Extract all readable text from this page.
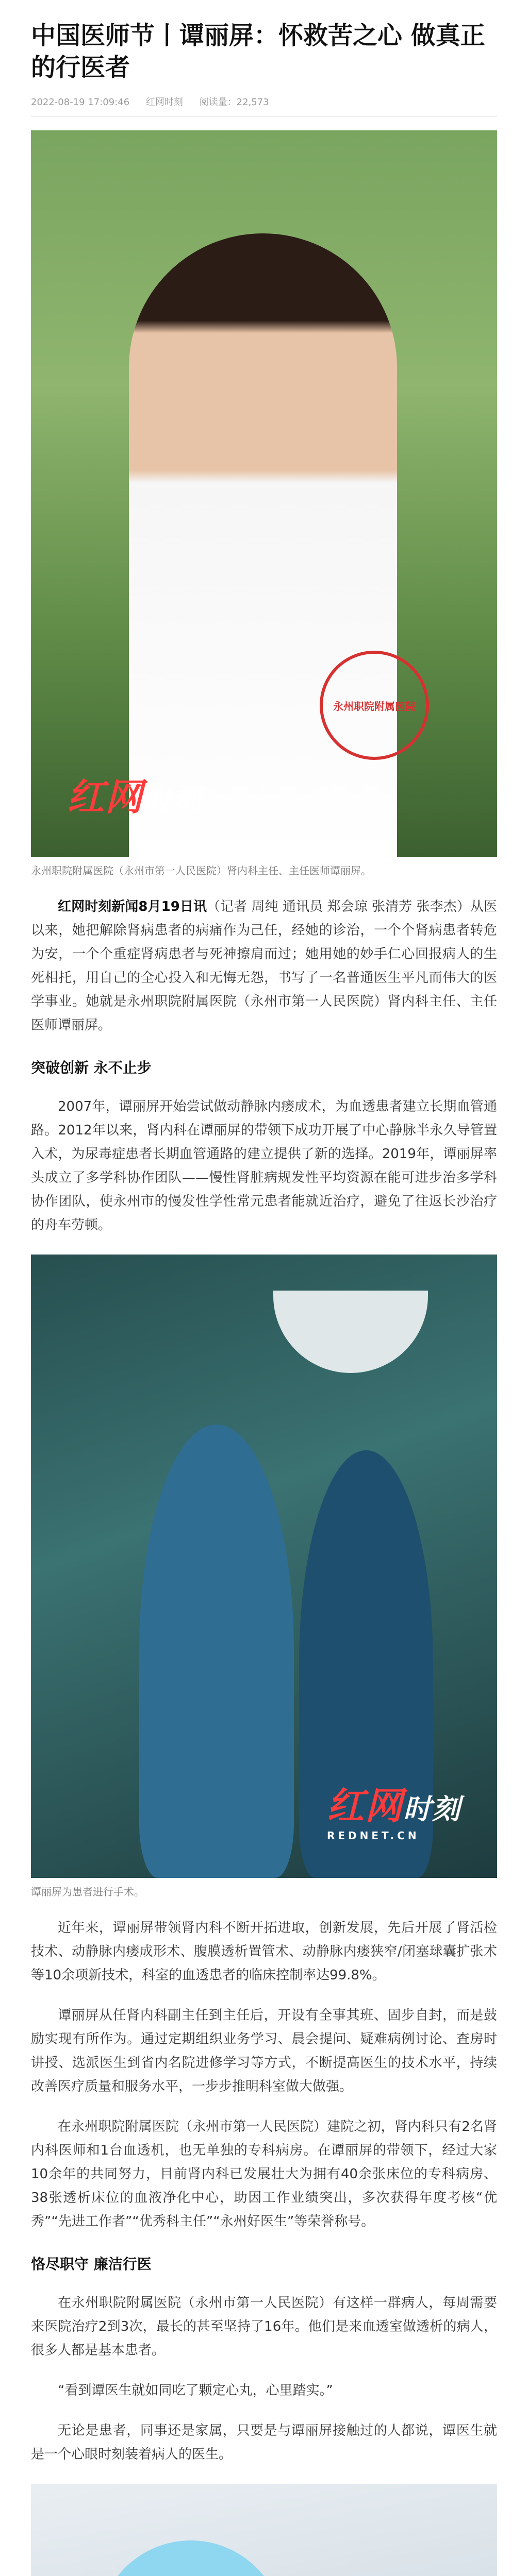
中国医师节丨谭丽屏：怀救苦之心 做真正的行医者
2022-08-19 17:09:46 红网时刻 阅读量：22,573
永州职院附属医院
红网时刻
永州职院附属医院（永州市第一人民医院）肾内科主任、主任医师谭丽屏。

红网时刻新闻8月19日讯（记者 周纯 通讯员 郑会琼 张清芳 张李杰）从医以来，她把解除肾病患者的病痛作为己任，经她的诊治，一个个肾病患者转危为安，一个个重症肾病患者与死神擦肩而过；她用她的妙手仁心回报病人的生死相托，用自己的全心投入和无悔无怨，书写了一名普通医生平凡而伟大的医学事业。她就是永州职院附属医院（永州市第一人民医院）肾内科主任、主任医师谭丽屏。

突破创新 永不止步

2007年，谭丽屏开始尝试做动静脉内瘘成术，为血透患者建立长期血管通路。2012年以来，肾内科在谭丽屏的带领下成功开展了中心静脉半永久导管置入术，为尿毒症患者长期血管通路的建立提供了新的选择。2019年，谭丽屏率头成立了多学科协作团队——慢性肾脏病规发性平均资源在能可进步治多学科协作团队，使永州市的慢发性学性常元患者能就近治疗，避免了往返长沙治疗的舟车劳顿。

红网时刻
REDNET.CN
谭丽屏为患者进行手术。

近年来，谭丽屏带领肾内科不断开拓进取，创新发展，先后开展了肾活检技术、动静脉内瘘成形术、腹膜透析置管术、动静脉内瘘狭窄/闭塞球囊扩张术等10余项新技术，科室的血透患者的临床控制率达99.8%。

谭丽屏从任肾内科副主任到主任后，开设有全事其班、固步自封，而是鼓励实现有所作为。通过定期组织业务学习、晨会提问、疑难病例讨论、查房时讲授、选派医生到省内名院进修学习等方式，不断提高医生的技术水平，持续改善医疗质量和服务水平，一步步推明科室做大做强。

在永州职院附属医院（永州市第一人民医院）建院之初，肾内科只有2名肾内科医师和1台血透机，也无单独的专科病房。在谭丽屏的带领下，经过大家10余年的共同努力，目前肾内科已发展壮大为拥有40余张床位的专科病房、38张透析床位的血液净化中心，助因工作业绩突出，多次获得年度考核“优秀”“先进工作者”“优秀科主任”“永州好医生”等荣誉称号。

恪尽职守 廉洁行医

在永州职院附属医院（永州市第一人民医院）有这样一群病人，每周需要来医院治疗2到3次，最长的甚至坚持了16年。他们是来血透室做透析的病人，很多人都是基本患者。

“看到谭医生就如同吃了颗定心丸，心里踏实。”

无论是患者，同事还是家属，只要是与谭丽屏接触过的人都说，谭医生就是一个心眼时刻装着病人的医生。
